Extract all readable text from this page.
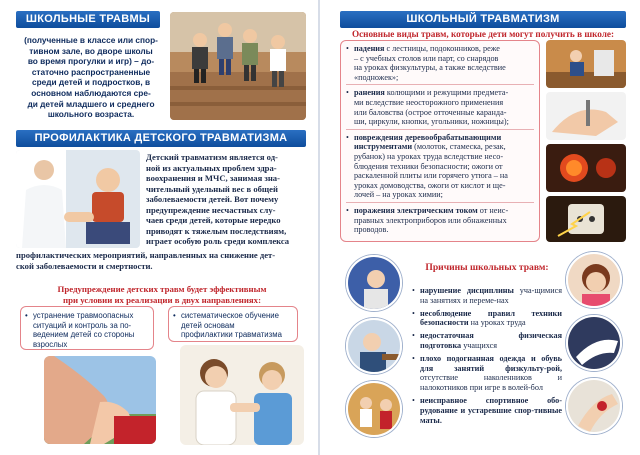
ШКОЛЬНЫЕ ТРАВМЫ
(полученные в классе или спор-
тивном зале, во дворе школы
во время прогулки и игр) – до-
статочно распространенные
среди детей и подростков, в
основном наблюдаются сре-
ди детей младшего и среднего
школьного возраста.
ПРОФИЛАКТИКА ДЕТСКОГО ТРАВМАТИЗМА
Детский травматизм является од-
ной из актуальных проблем здра-
воохранения и МЧС, занимая зна-
чительный удельный вес в общей
заболеваемости детей. Вот почему
предупреждение несчастных слу-
чаев среди детей, которые нередко
приводят к тяжелым последствиям,
играет особую роль среди комплекса
профилактических мероприятий, направленных на снижение дет-
ской заболеваемости и смертности.
Предупреждение детских травм будет эффективным
при условии их реализации в двух направлениях:
• устранение травмоопасных
ситуаций и контроль за по-
ведением детей со стороны
взрослых
• систематическое обучение
детей основам
профилактики травматизма
ШКОЛЬНЫЙ ТРАВМАТИЗМ
Основные виды травм, которые дети могут получить в школе:
• падения с лестницы, подоконников, реже
– с учебных столов или парт, со снарядов
на уроках физкультуры, а также вследствие
«подножек»;
• ранения колющими и режущими предмета-
ми вследствие неосторожного применения
или баловства (острое отточенные каранда-
ши, циркули, кнопки, угольники, ножницы);
• повреждения деревообрабатывающими инструментами (молоток, стамеска, резак,
рубанок) на уроках труда вследствие несо-
блюдения техники безопасности; ожоги от
раскаленной плиты или горячего утюга – на
уроках домоводства, ожоги от кислот и ще-
лочей – на уроках химии;
• поражения электрическим током от неис-
правных электроприборов или обнаженных
проводов.
Причины школьных травм:
• нарушение дисциплины уча-щимися на занятиях и переме-нах
• несоблюдение правил техники безопасности на уроках труда
• недостаточная физическая подготовка учащихся
• плохо подогнанная одежда и обувь для занятий физкульту-рой, отсутствие наколенников и налокотников при игре в волей-бол
• неисправное спортивное обо-рудование и устаревшие спор-тивные маты.
